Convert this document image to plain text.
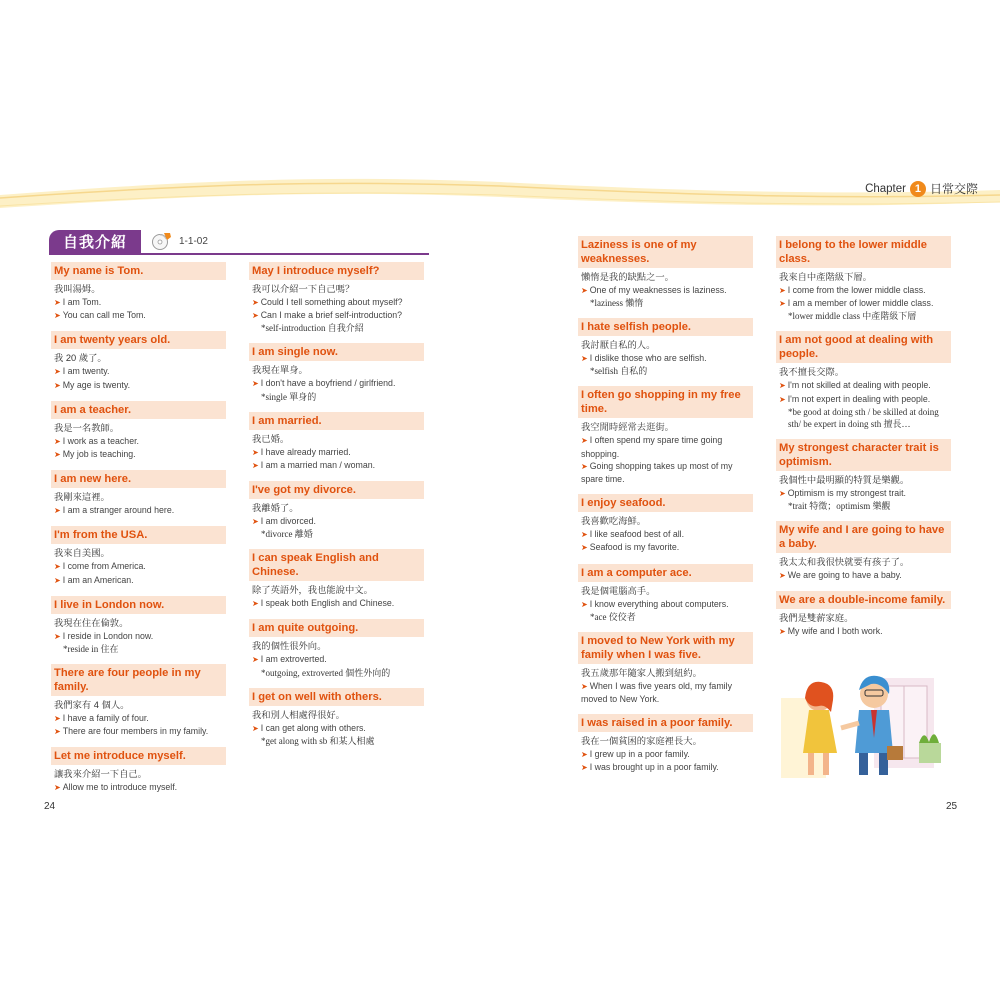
Chapter 1 日常交際
自我介紹	1-1-02
My name is Tom.
我叫湯姆。
➤ I am Tom.
➤ You can call me Tom.
I am twenty years old.
我 20 歲了。
➤ I am twenty.
➤ My age is twenty.
I am a teacher.
我是一名教師。
➤ I work as a teacher.
➤ My job is teaching.
I am new here.
我剛來這裡。
➤ I am a stranger around here.
I'm from the USA.
我來自美國。
➤ I come from America.
➤ I am an American.
I live in London now.
我現在住在倫敦。
➤ I reside in London now.
*reside in 住在
There are four people in my family.
我們家有 4 個人。
➤ I have a family of four.
➤ There are four members in my family.
Let me introduce myself.
讓我來介紹一下自己。
➤ Allow me to introduce myself.
May I introduce myself?
我可以介紹一下自己嗎？
➤ Could I tell something about myself?
➤ Can I make a brief self-introduction?
*self-introduction 自我介紹
I am single now.
我現在單身。
➤ I don't have a boyfriend / girlfriend.
*single 單身的
I am married.
我已婚。
➤ I have already married.
➤ I am a married man / woman.
I've got my divorce.
我離婚了。
➤ I am divorced.
*divorce 離婚
I can speak English and Chinese.
除了英語外，我也能說中文。
➤ I speak both English and Chinese.
I am quite outgoing.
我的個性很外向。
➤ I am extroverted.
*outgoing, extroverted 個性外向的
I get on well with others.
我和別人相處得很好。
➤ I can get along with others.
*get along with sb 和某人相處
Laziness is one of my weaknesses.
懶惰是我的缺點之一。
➤ One of my weaknesses is laziness.
*laziness 懶惰
I hate selfish people.
我討厭自私的人。
➤ I dislike those who are selfish.
*selfish 自私的
I often go shopping in my free time.
我空閒時經常去逛街。
➤ I often spend my spare time going shopping.
➤ Going shopping takes up most of my spare time.
I enjoy seafood.
我喜歡吃海鮮。
➤ I like seafood best of all.
➤ Seafood is my favorite.
I am a computer ace.
我是個電腦高手。
➤ I know everything about computers.
*ace 佼佼者
I moved to New York with my family when I was five.
我五歲那年隨家人搬到紐約。
➤ When I was five years old, my family moved to New York.
I was raised in a poor family.
我在一個貧困的家庭裡長大。
➤ I grew up in a poor family.
➤ I was brought up in a poor family.
I belong to the lower middle class.
我來自中產階級下層。
➤ I come from the lower middle class.
➤ I am a member of lower middle class.
*lower middle class 中產階級下層
I am not good at dealing with people.
我不擅長交際。
➤ I'm not skilled at dealing with people.
➤ I'm not expert in dealing with people.
*be good at doing sth / be skilled at doing sth/ be expert in doing sth 擅長…
My strongest character trait is optimism.
我個性中最明顯的特質是樂觀。
➤ Optimism is my strongest trait.
*trait 特徵；optimism 樂觀
My wife and I are going to have a baby.
我太太和我很快就要有孩子了。
➤ We are going to have a baby.
We are a double-income family.
我們是雙薪家庭。
➤ My wife and I both work.
24	25
